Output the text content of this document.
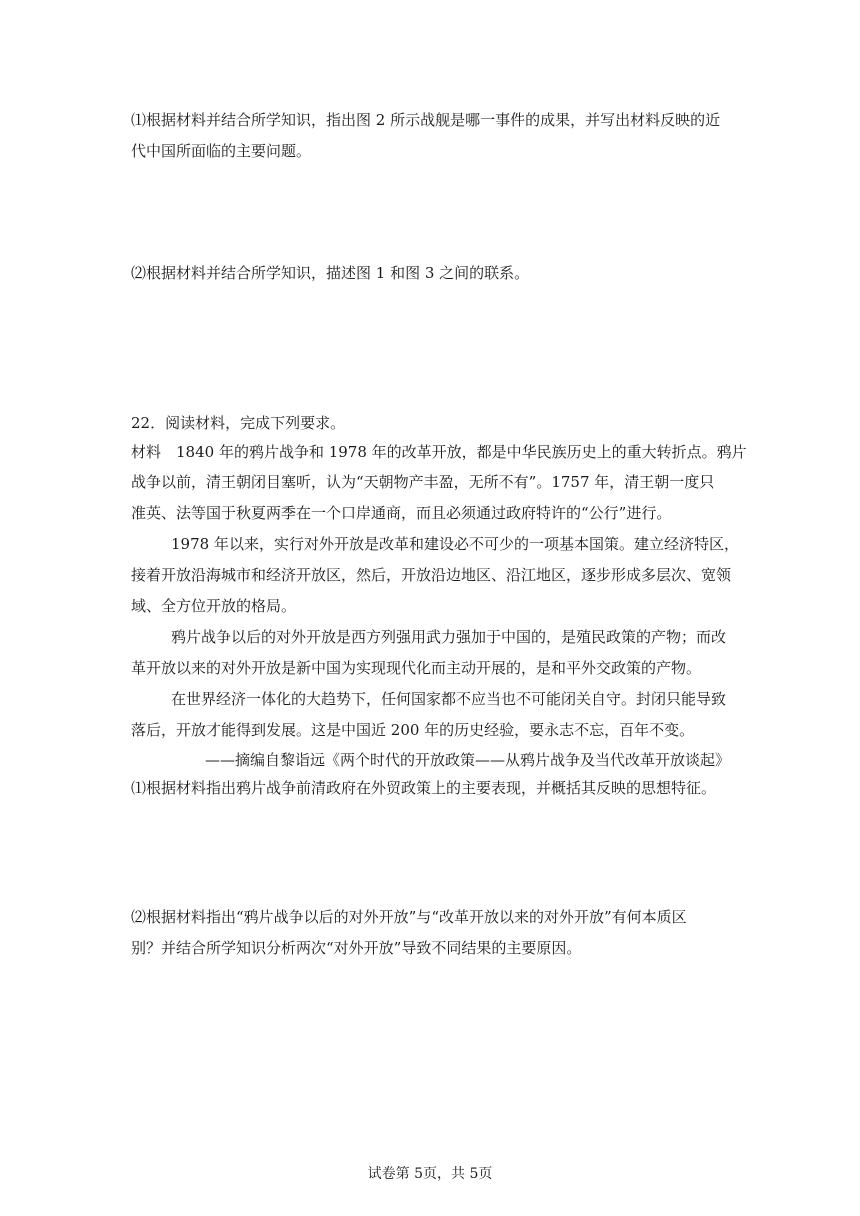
⑴根据材料并结合所学知识，指出图 2 所示战舰是哪一事件的成果，并写出材料反映的近
代中国所面临的主要问题。
⑵根据材料并结合所学知识，描述图 1 和图 3 之间的联系。
22．阅读材料，完成下列要求。
材料　1840 年的鸦片战争和 1978 年的改革开放，都是中华民族历史上的重大转折点。鸦片
战争以前，清王朝闭目塞听，认为“天朝物产丰盈，无所不有”。1757 年，清王朝一度只
准英、法等国于秋夏两季在一个口岸通商，而且必须通过政府特许的“公行”进行。
1978 年以来，实行对外开放是改革和建设必不可少的一项基本国策。建立经济特区，
接着开放沿海城市和经济开放区，然后，开放沿边地区、沿江地区，逐步形成多层次、宽领
域、全方位开放的格局。
鸦片战争以后的对外开放是西方列强用武力强加于中国的，是殖民政策的产物；而改
革开放以来的对外开放是新中国为实现现代化而主动开展的，是和平外交政策的产物。
在世界经济一体化的大趋势下，任何国家都不应当也不可能闭关自守。封闭只能导致
落后，开放才能得到发展。这是中国近 200 年的历史经验，要永志不忘，百年不变。
——摘编自黎诣远《两个时代的开放政策——从鸦片战争及当代改革开放谈起》
⑴根据材料指出鸦片战争前清政府在外贸政策上的主要表现，并概括其反映的思想特征。
⑵根据材料指出“鸦片战争以后的对外开放”与“改革开放以来的对外开放”有何本质区
别？并结合所学知识分析两次“对外开放”导致不同结果的主要原因。
试卷第 5页，共 5页
